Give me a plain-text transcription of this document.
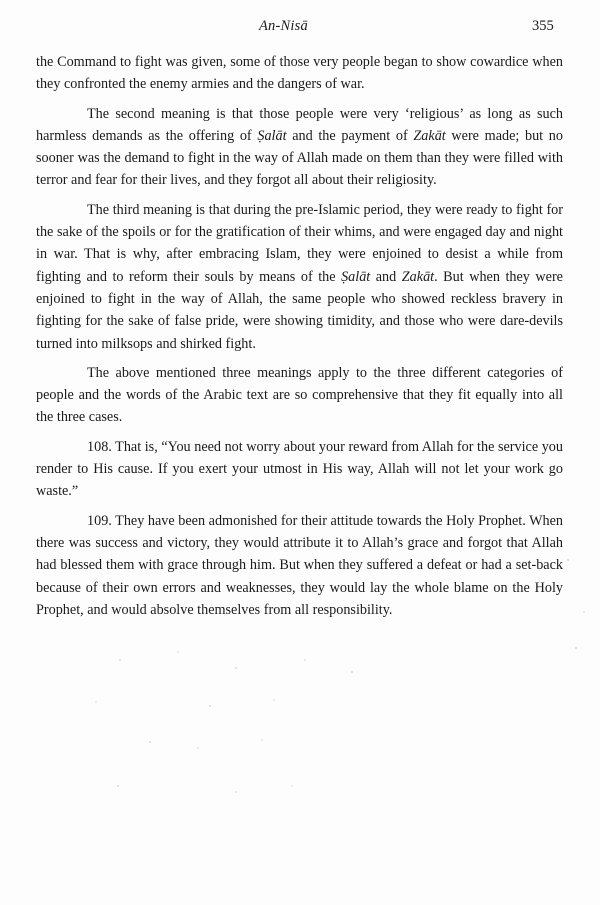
An-Nisā	355

the Command to fight was given, some of those very people began to show cowardice when they confronted the enemy armies and the dangers of war.

The second meaning is that those people were very ‘religious’ as long as such harmless demands as the offering of Ṣalāt and the payment of Zakāt were made; but no sooner was the demand to fight in the way of Allah made on them than they were filled with terror and fear for their lives, and they forgot all about their religiosity.

The third meaning is that during the pre-Islamic period, they were ready to fight for the sake of the spoils or for the gratification of their whims, and were engaged day and night in war. That is why, after embracing Islam, they were enjoined to desist a while from fighting and to reform their souls by means of the Ṣalāt and Zakāt. But when they were enjoined to fight in the way of Allah, the same people who showed reckless bravery in fighting for the sake of false pride, were showing timidity, and those who were dare-devils turned into milksops and shirked fight.

The above mentioned three meanings apply to the three different categories of people and the words of the Arabic text are so comprehensive that they fit equally into all the three cases.

108. That is, “You need not worry about your reward from Allah for the service you render to His cause. If you exert your utmost in His way, Allah will not let your work go waste.”

109. They have been admonished for their attitude towards the Holy Prophet. When there was success and victory, they would attribute it to Allah’s grace and forgot that Allah had blessed them with grace through him. But when they suffered a defeat or had a set-back because of their own errors and weaknesses, they would lay the whole blame on the Holy Prophet, and would absolve themselves from all responsibility.
